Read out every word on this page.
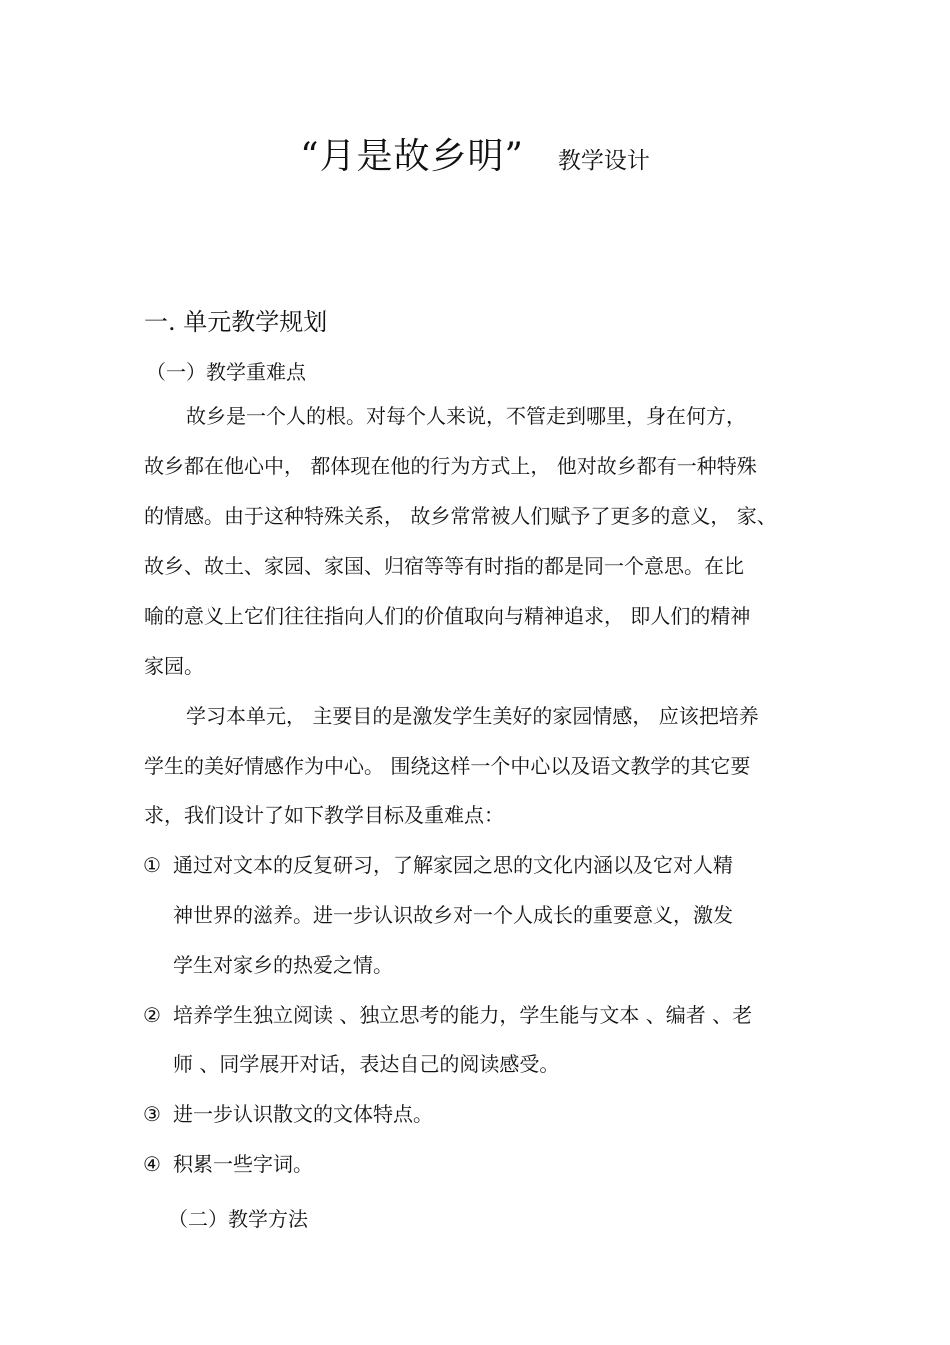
“月是故乡明” 教学设计
一. 单元教学规划
（一）教学重难点
故乡是一个人的根。对每个人来说，不管走到哪里，身在何方，
故乡都在他心中， 都体现在他的行为方式上， 他对故乡都有一种特殊
的情感。由于这种特殊关系， 故乡常常被人们赋予了更多的意义， 家、
故乡、故土、家园、家国、归宿等等有时指的都是同一个意思。在比
喻的意义上它们往往指向人们的价值取向与精神追求， 即人们的精神
家园。
学习本单元， 主要目的是激发学生美好的家园情感， 应该把培养
学生的美好情感作为中心。 围绕这样一个中心以及语文教学的其它要
求，我们设计了如下教学目标及重难点：
① 通过对文本的反复研习，了解家园之思的文化内涵以及它对人精
神世界的滋养。进一步认识故乡对一个人成长的重要意义，激发
学生对家乡的热爱之情。
② 培养学生独立阅读 、独立思考的能力，学生能与文本 、编者 、老
师 、同学展开对话，表达自己的阅读感受。
③ 进一步认识散文的文体特点。
④ 积累一些字词。
（二）教学方法
